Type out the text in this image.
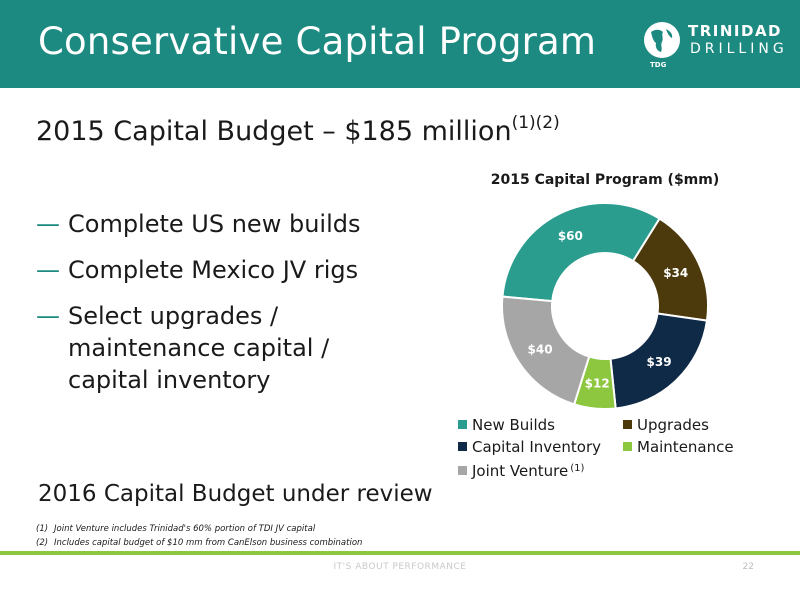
Conservative Capital Program
TDG
TRINIDAD
DRILLING
2015 Capital Budget – $185 million$^{(1)(2)}$
— Complete US new builds
— Complete Mexico JV rigs
— Select upgrades / maintenance capital / capital inventory
2016 Capital Budget under review
(1) Joint Venture includes Trinidad's 60% portion of TDI JV capital
(2) Includes capital budget of $10 mm from CanElson business combination
2015 Capital Program ($mm)
$60
$34
$39
$12
$40
New Builds	Upgrades
Capital Inventory	Maintenance
Joint Venture $^{(1)}$
IT'S ABOUT PERFORMANCE	22
